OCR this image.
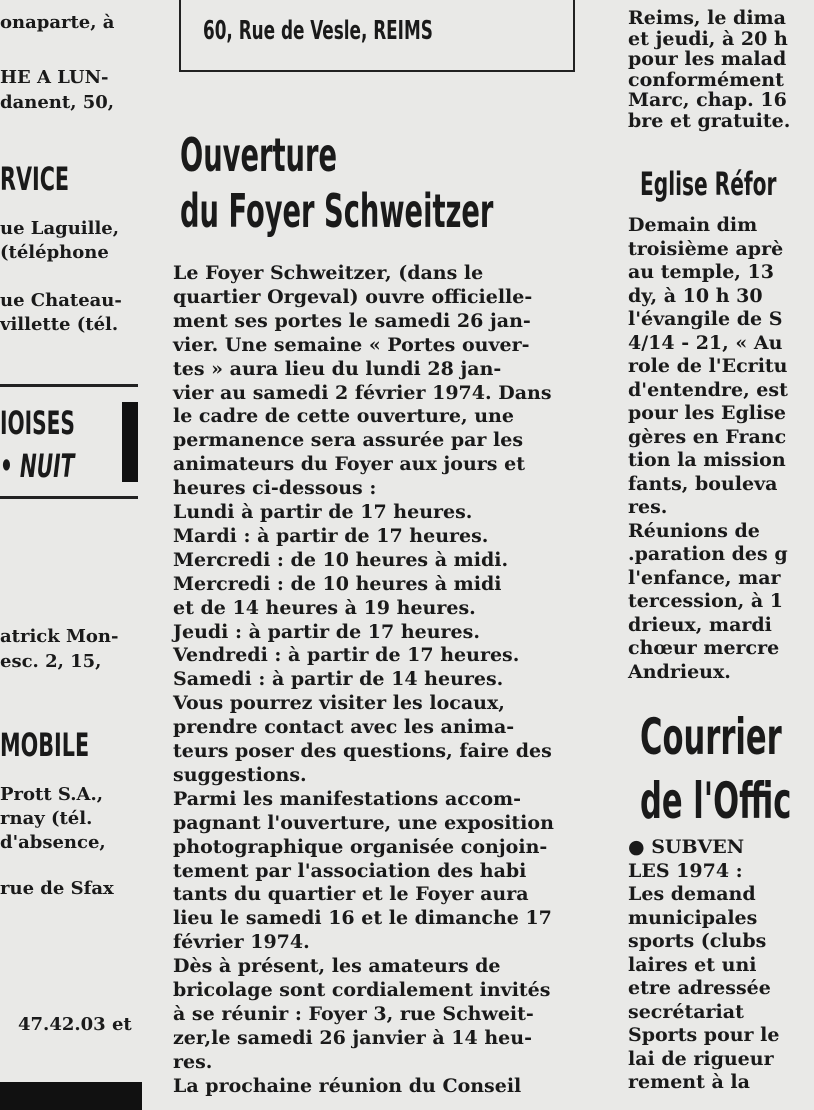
onaparte, à
HE A LUN-
danent, 50,
RVICE
ue Laguille,
(téléphone
ue Chateau-
villette (tél.
IOISES
• NUIT
atrick Mon-
esc. 2, 15,
MOBILE
Prott S.A.,
rnay (tél.
d'absence,
rue de Sfax
47.42.03 et
60, Rue de Vesle, REIMS
Ouverture
du Foyer Schweitzer
Le Foyer Schweitzer, (dans le
quartier Orgeval) ouvre officielle-
ment ses portes le samedi 26 jan-
vier. Une semaine « Portes ouver-
tes » aura lieu du lundi 28 jan-
vier au samedi 2 février 1974. Dans
le cadre de cette ouverture, une
permanence sera assurée par les
animateurs du Foyer aux jours et
heures ci-dessous :
Lundi à partir de 17 heures.
Mardi : à partir de 17 heures.
Mercredi : de 10 heures à midi.
Mercredi : de 10 heures à midi
et de 14 heures à 19 heures.
Jeudi : à partir de 17 heures.
Vendredi : à partir de 17 heures.
Samedi : à partir de 14 heures.
Vous pourrez visiter les locaux,
prendre contact avec les anima-
teurs poser des questions, faire des
suggestions.
Parmi les manifestations accom-
pagnant l'ouverture, une exposition
photographique organisée conjoin-
tement par l'association des habi
tants du quartier et le Foyer aura
lieu le samedi 16 et le dimanche 17
février 1974.
Dès à présent, les amateurs de
bricolage sont cordialement invités
à se réunir : Foyer 3, rue Schweit-
zer,le samedi 26 janvier à 14 heu-
res.
La prochaine réunion du Conseil
Reims, le dima
et jeudi, à 20 h
pour les malad
conformément
Marc, chap. 16
bre et gratuite.
Eglise Réfor
Demain dim
troisième aprè
au temple, 13
dy, à 10 h 30
l'évangile de S
4/14 - 21, « Au
role de l'Ecritu
d'entendre, est
pour les Eglise
gères en Franc
tion la mission
fants, bouleva
res.
Réunions de
.paration des g
l'enfance, mar
tercession, à 1
drieux, mardi
chœur mercre
Andrieux.
Courrier
de l'Offic
● SUBVEN
LES 1974 :
Les demand
municipales
sports (clubs
laires et uni
etre adressée
secrétariat
Sports pour le
lai de rigueur
rement à la
